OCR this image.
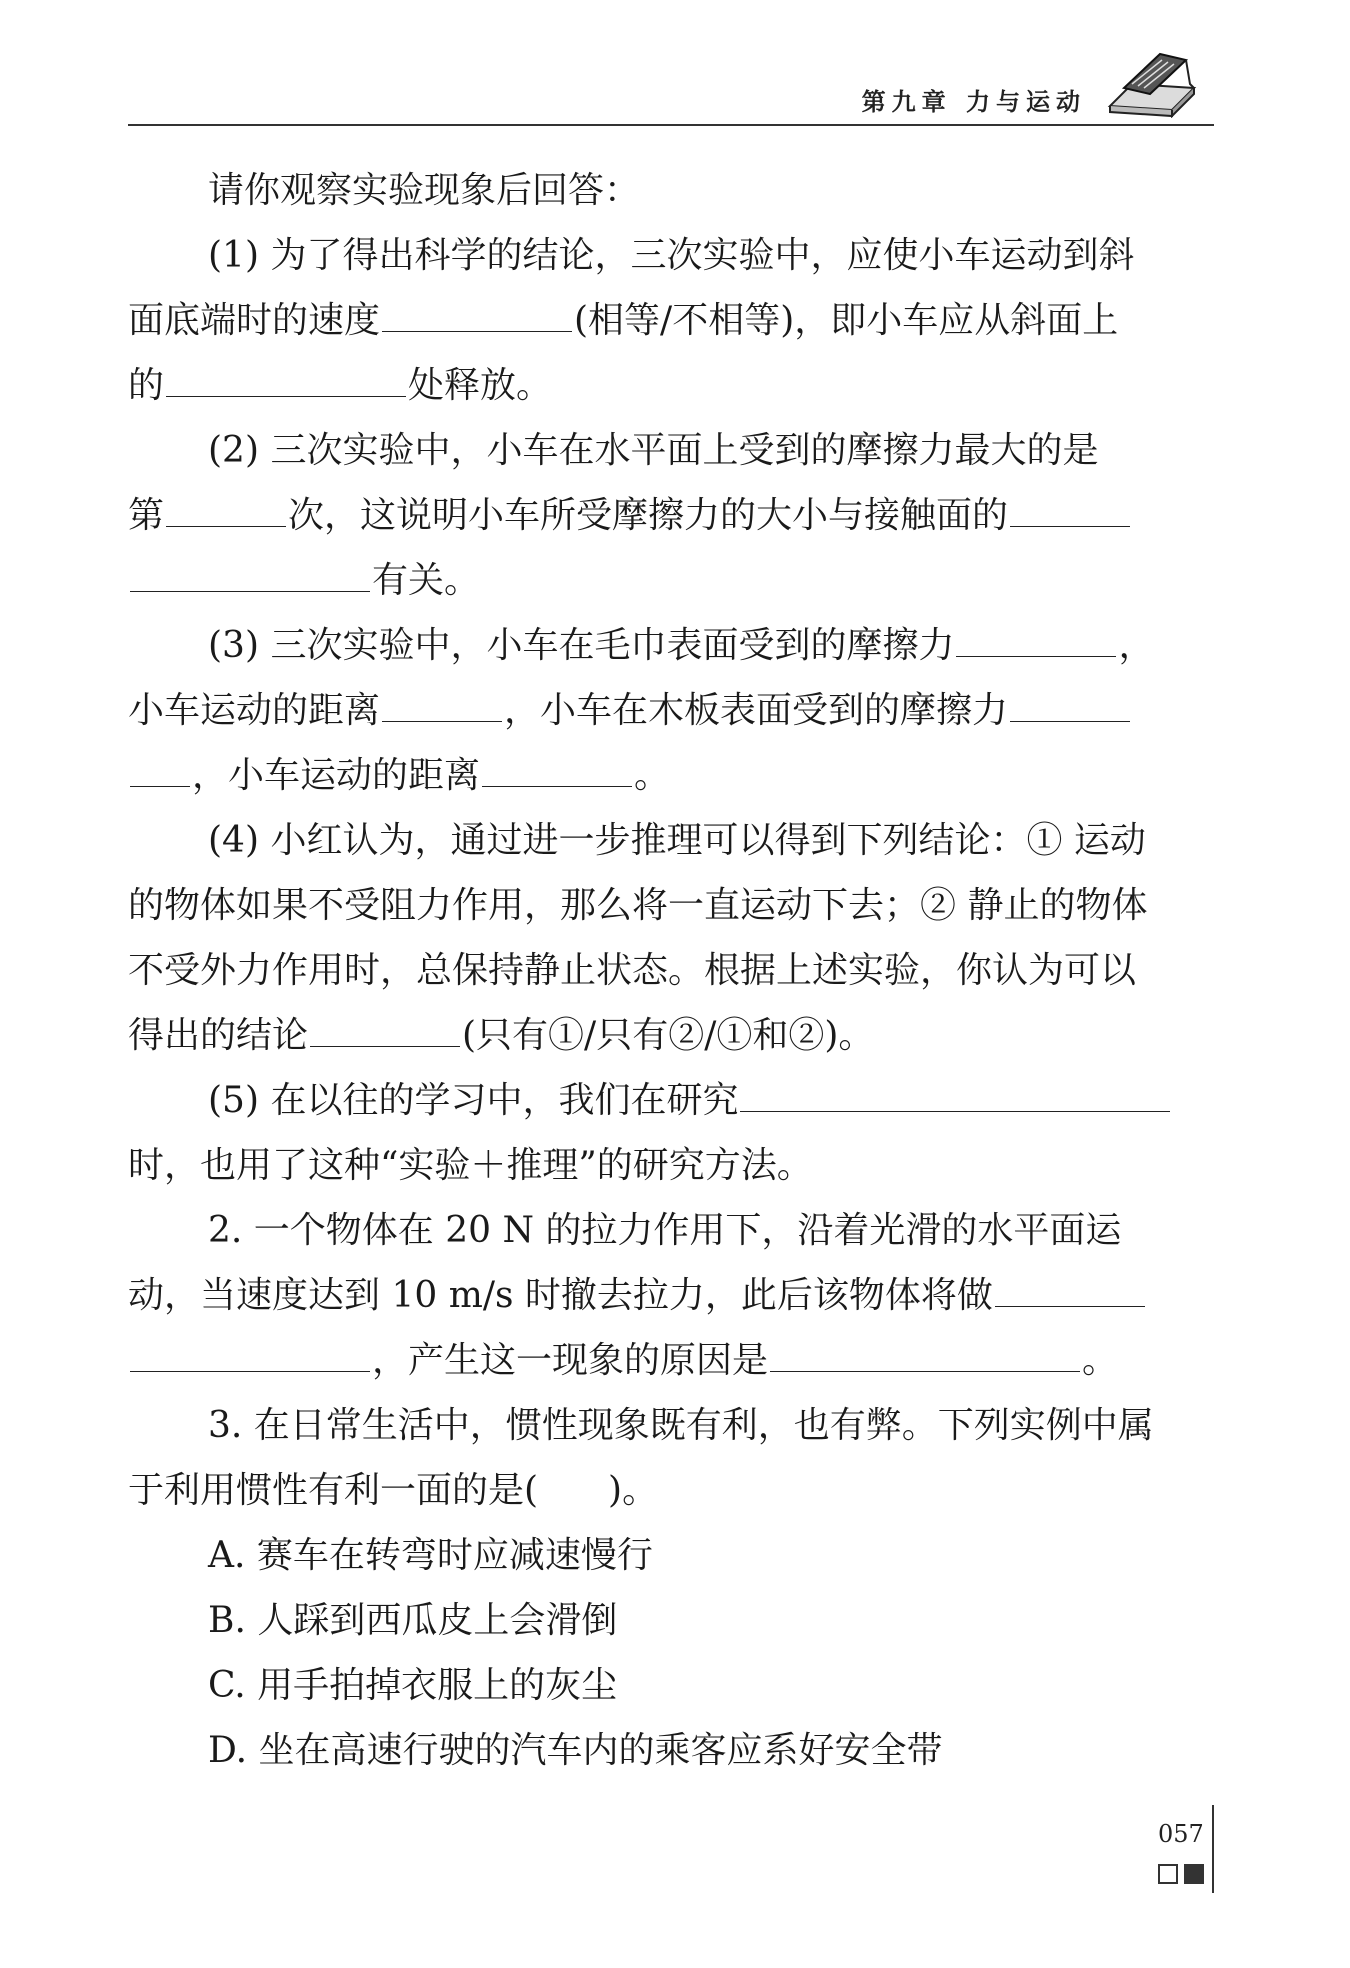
第九章 力与运动
请你观察实验现象后回答：
(1) 为了得出科学的结论，三次实验中，应使小车运动到斜
面底端时的速度	(相等/不相等)，即小车应从斜面上
的	处释放。
(2) 三次实验中，小车在水平面上受到的摩擦力最大的是
第	次，这说明小车所受摩擦力的大小与接触面的
有关。
(3) 三次实验中，小车在毛巾表面受到的摩擦力	，
小车运动的距离	，小车在木板表面受到的摩擦力
，小车运动的距离	。
(4) 小红认为，通过进一步推理可以得到下列结论：① 运动
的物体如果不受阻力作用，那么将一直运动下去；② 静止的物体
不受外力作用时，总保持静止状态。根据上述实验，你认为可以
得出的结论	(只有①/只有②/①和②)。
(5) 在以往的学习中，我们在研究
时，也用了这种“实验＋推理”的研究方法。
2. 一个物体在 20 N 的拉力作用下，沿着光滑的水平面运
动，当速度达到 10 m/s 时撤去拉力，此后该物体将做
，产生这一现象的原因是	。
3. 在日常生活中，惯性现象既有利，也有弊。下列实例中属
于利用惯性有利一面的是( )。
A. 赛车在转弯时应减速慢行
B. 人踩到西瓜皮上会滑倒
C. 用手拍掉衣服上的灰尘
D. 坐在高速行驶的汽车内的乘客应系好安全带
057
